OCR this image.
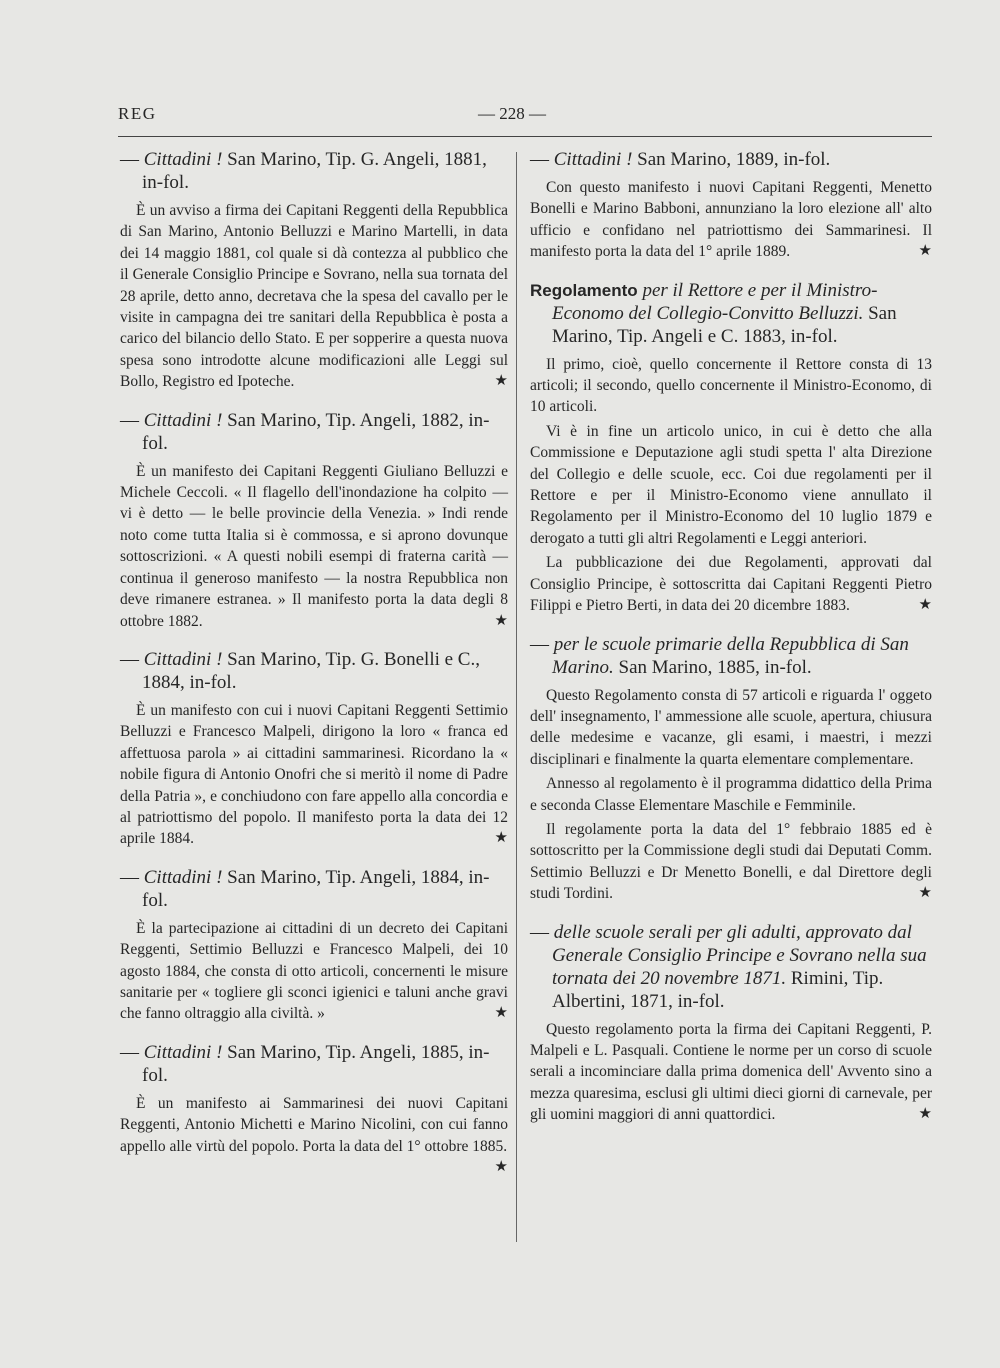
REG	— 228 —

— Cittadini ! San Marino, Tip. G. Angeli, 1881, in-fol.

È un avviso a firma dei Capitani Reggenti della Repubblica di San Marino, Antonio Belluzzi e Marino Martelli, in data dei 14 maggio 1881, col quale si dà contezza al pubblico che il Generale Consiglio Principe e Sovrano, nella sua tornata del 28 aprile, detto anno, decretava che la spesa del cavallo per le visite in campagna dei tre sanitari della Repubblica è posta a carico del bilancio dello Stato. E per sopperire a questa nuova spesa sono introdotte alcune modificazioni alle Leggi sul Bollo, Registro ed Ipoteche.	★

— Cittadini ! San Marino, Tip. Angeli, 1882, in-fol.

È un manifesto dei Capitani Reggenti Giuliano Belluzzi e Michele Ceccoli. « Il flagello dell'inondazione ha colpito — vi è detto — le belle provincie della Venezia. » Indi rende noto come tutta Italia si è commossa, e si aprono dovunque sottoscrizioni. « A questi nobili esempi di fraterna carità — continua il generoso manifesto — la nostra Repubblica non deve rimanere estranea. » Il manifesto porta la data degli 8 ottobre 1882.	★

— Cittadini ! San Marino, Tip. G. Bonelli e C., 1884, in-fol.

È un manifesto con cui i nuovi Capitani Reggenti Settimio Belluzzi e Francesco Malpeli, dirigono la loro « franca ed affettuosa parola » ai cittadini sammarinesi. Ricordano la « nobile figura di Antonio Onofri che si meritò il nome di Padre della Patria », e conchiudono con fare appello alla concordia e al patriottismo del popolo. Il manifesto porta la data dei 12 aprile 1884.	★

— Cittadini ! San Marino, Tip. Angeli, 1884, in-fol.

È la partecipazione ai cittadini di un decreto dei Capitani Reggenti, Settimio Belluzzi e Francesco Malpeli, dei 10 agosto 1884, che consta di otto articoli, concernenti le misure sanitarie per « togliere gli sconci igienici e taluni anche gravi che fanno oltraggio alla civiltà. »	★

— Cittadini ! San Marino, Tip. Angeli, 1885, in-fol.

È un manifesto ai Sammarinesi dei nuovi Capitani Reggenti, Antonio Michetti e Marino Nicolini, con cui fanno appello alle virtù del popolo. Porta la data del 1° ottobre 1885.
★

— Cittadini ! San Marino, 1889, in-fol.

Con questo manifesto i nuovi Capitani Reggenti, Menetto Bonelli e Marino Babboni, annunziano la loro elezione all' alto ufficio e confidano nel patriottismo dei Sammarinesi. Il manifesto porta la data del 1° aprile 1889.	★

Regolamento per il Rettore e per il Ministro-Economo del Collegio-Convitto Belluzzi. San Marino, Tip. Angeli e C. 1883, in-fol.

Il primo, cioè, quello concernente il Rettore consta di 13 articoli; il secondo, quello concernente il Ministro-Economo, di 10 articoli.

Vi è in fine un articolo unico, in cui è detto che alla Commissione e Deputazione agli studi spetta l' alta Direzione del Collegio e delle scuole, ecc. Coi due regolamenti per il Rettore e per il Ministro-Economo viene annullato il Regolamento per il Ministro-Economo del 10 luglio 1879 e derogato a tutti gli altri Regolamenti e Leggi anteriori.

La pubblicazione dei due Regolamenti, approvati dal Consiglio Principe, è sottoscritta dai Capitani Reggenti Pietro Filippi e Pietro Berti, in data dei 20 dicembre 1883.	★

— per le scuole primarie della Repubblica di San Marino. San Marino, 1885, in-fol.

Questo Regolamento consta di 57 articoli e riguarda l' oggeto dell' insegnamento, l' ammessione alle scuole, apertura, chiusura delle medesime e vacanze, gli esami, i maestri, i mezzi disciplinari e finalmente la quarta elementare complementare.

Annesso al regolamento è il programma didattico della Prima e seconda Classe Elementare Maschile e Femminile.

Il regolamente porta la data del 1° febbraio 1885 ed è sottoscritto per la Commissione degli studi dai Deputati Comm. Settimio Belluzzi e Dr Menetto Bonelli, e dal Direttore degli studi Tordini.	★

— delle scuole serali per gli adulti, approvato dal Generale Consiglio Principe e Sovrano nella sua tornata dei 20 novembre 1871. Rimini, Tip. Albertini, 1871, in-fol.

Questo regolamento porta la firma dei Capitani Reggenti, P. Malpeli e L. Pasquali. Contiene le norme per un corso di scuole serali a incominciare dalla prima domenica dell' Avvento sino a mezza quaresima, esclusi gli ultimi dieci giorni di carnevale, per gli uomini maggiori di anni quattordici.	★
